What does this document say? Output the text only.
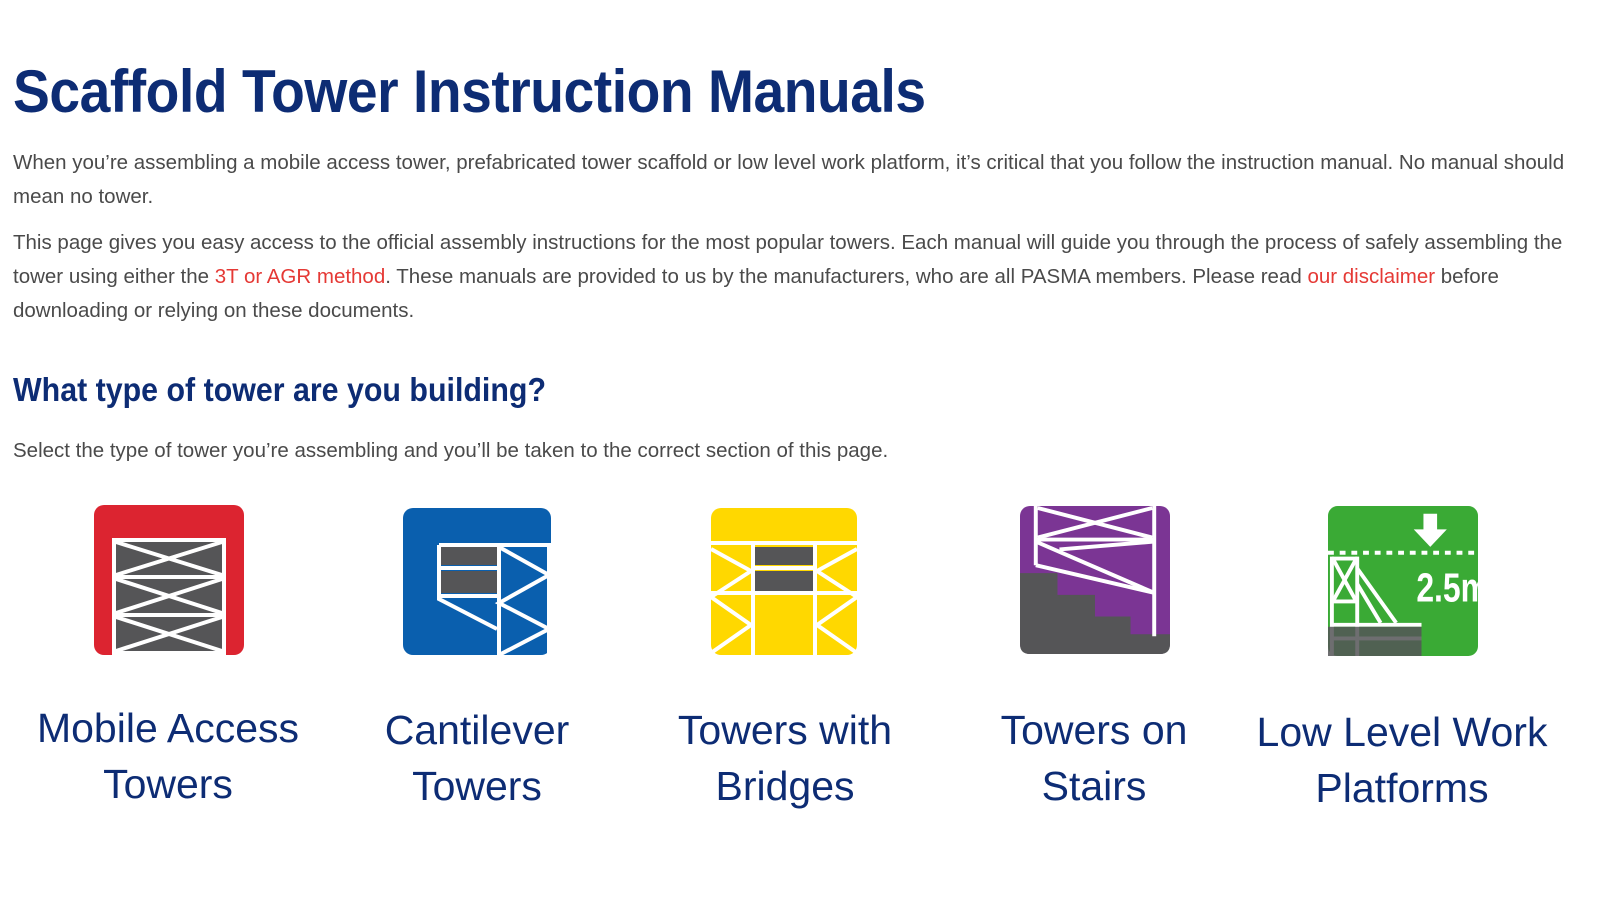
Scaffold Tower Instruction Manuals

When you’re assembling a mobile access tower, prefabricated tower scaffold or low level work platform, it’s critical that you follow the instruction manual. No manual should mean no tower.

This page gives you easy access to the official assembly instructions for the most popular towers. Each manual will guide you through the process of safely assembling the tower using either the 3T or AGR method. These manuals are provided to us by the manufacturers, who are all PASMA members. Please read our disclaimer before downloading or relying on these documents.

What type of tower are you building?

Select the type of tower you’re assembling and you’ll be taken to the correct section of this page.

Mobile Access
Towers
Cantilever
Towers
Towers with
Bridges
Towers on
Stairs
2.5m
Low Level Work
Platforms
